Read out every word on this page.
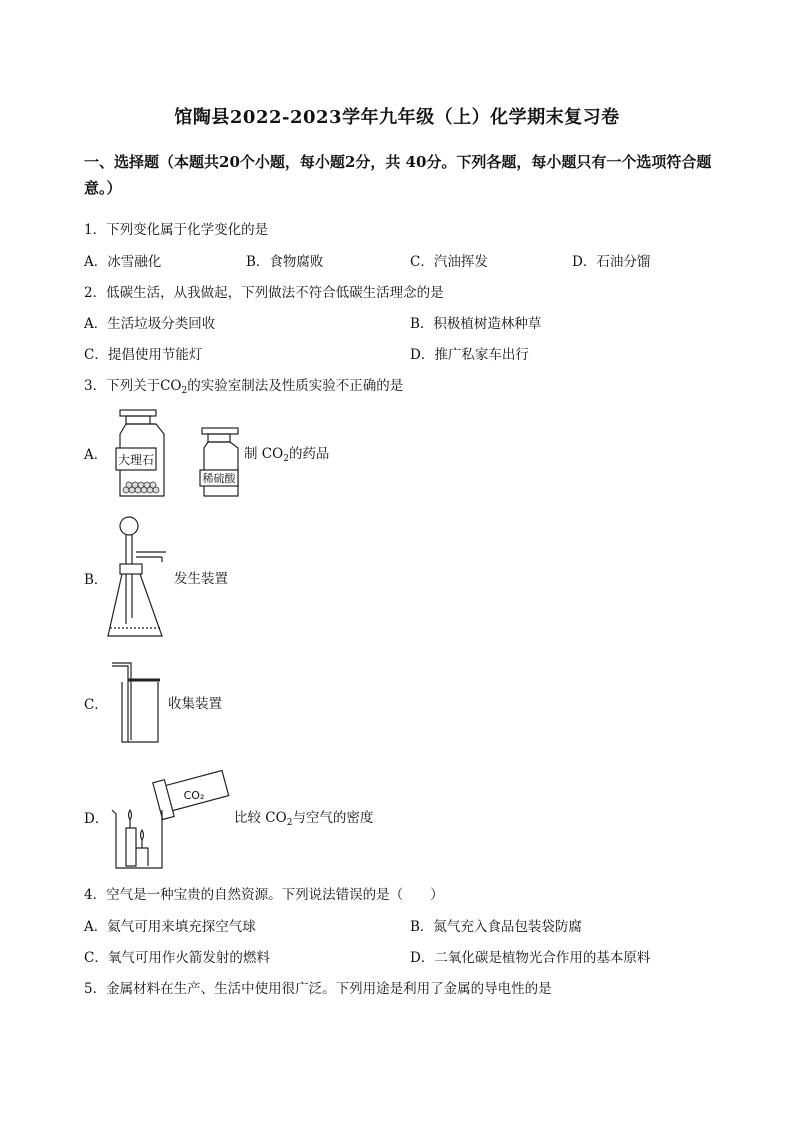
馆陶县2022-2023学年九年级（上）化学期末复习卷
一、选择题（本题共20个小题，每小题2分，共 40分。下列各题，每小题只有一个选项符合题意。）
1．下列变化属于化学变化的是
A．冰雪融化	B．食物腐败	C．汽油挥发	D．石油分馏
2．低碳生活，从我做起，下列做法不符合低碳生活理念的是
A．生活垃圾分类回收	B．积极植树造林种草
C．提倡使用节能灯	D．推广私家车出行
3．下列关于$CO_2$的实验室制法及性质实验不正确的是
A． 大理石
稀硫酸
制 $CO_2$的药品
B．	发生装置
C．	收集装置
D．
CO₂
比较 $CO_2$与空气的密度
4．空气是一种宝贵的自然资源。下列说法错误的是（　　）
A．氦气可用来填充探空气球	B．氮气充入食品包装袋防腐
C．氧气可用作火箭发射的燃料	D．二氧化碳是植物光合作用的基本原料
5．金属材料在生产、生活中使用很广泛。下列用途是利用了金属的导电性的是
